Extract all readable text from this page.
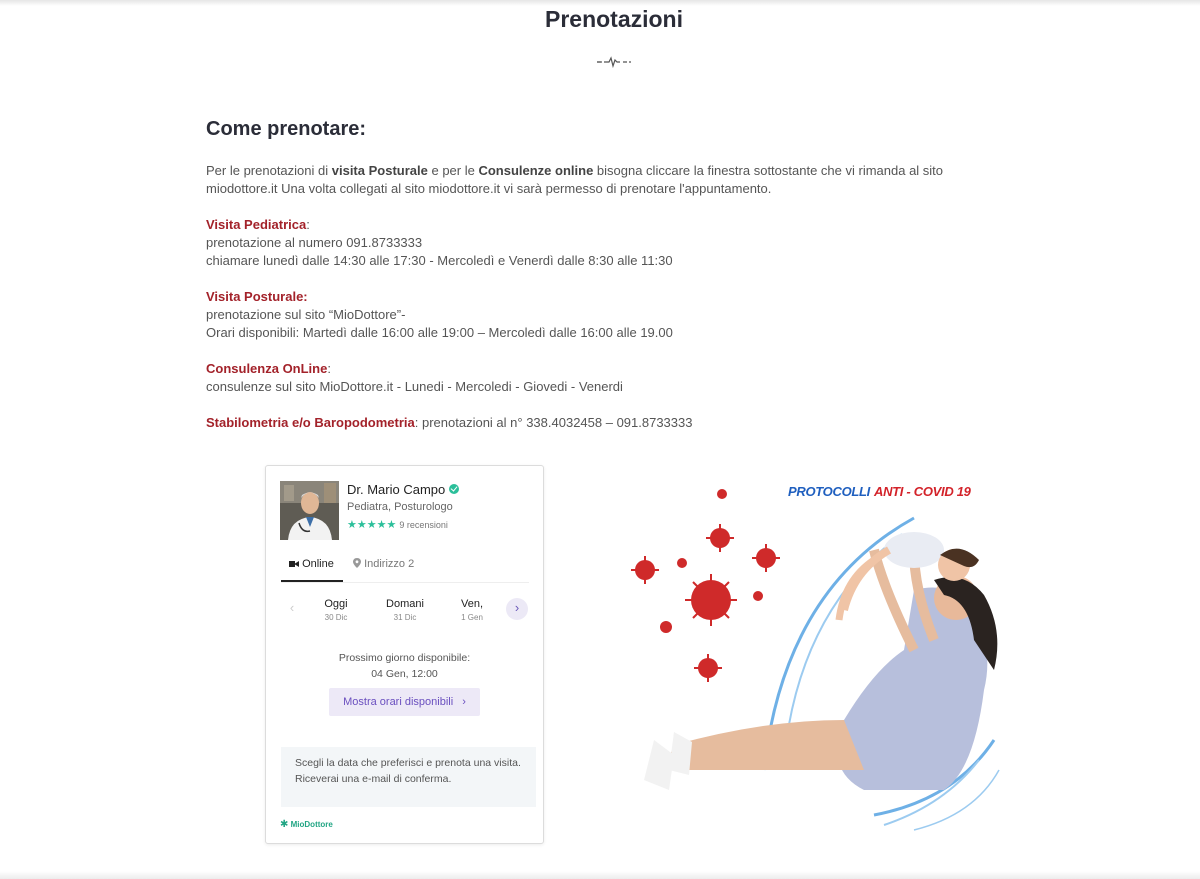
Prenotazioni
Come prenotare:
Per le prenotazioni di visita Posturale e per le Consulenze online bisogna cliccare la finestra sottostante che vi rimanda al sito
miodottore.it Una volta collegati al sito miodottore.it vi sarà permesso di prenotare l'appuntamento.
Visita Pediatrica:
prenotazione al numero 091.8733333
chiamare lunedì dalle 14:30 alle 17:30 - Mercoledì e Venerdì dalle 8:30 alle 11:30
Visita Posturale:
prenotazione sul sito “MioDottore”-
Orari disponibili: Martedì dalle 16:00 alle 19:00 – Mercoledì dalle 16:00 alle 19.00
Consulenza OnLine:
consulenze sul sito MioDottore.it - Lunedi - Mercoledi - Giovedi - Venerdi
Stabilometria e/o Baropodometria: prenotazioni al n° 338.4032458 – 091.8733333
Dr. Mario Campo
Pediatra, Posturologo
★★★★★ 9 recensioni
Online	Indirizzo 2
‹	Oggi
30 Dic
Domani
31 Dic
Ven,
1 Gen
›
Prossimo giorno disponibile:
04 Gen, 12:00
Mostra orari disponibili ›
Scegli la data che preferisci e prenota una visita. Riceverai una e-mail di conferma.
✱ MioDottore
PROTOCOLLI ANTI - COVID 19
